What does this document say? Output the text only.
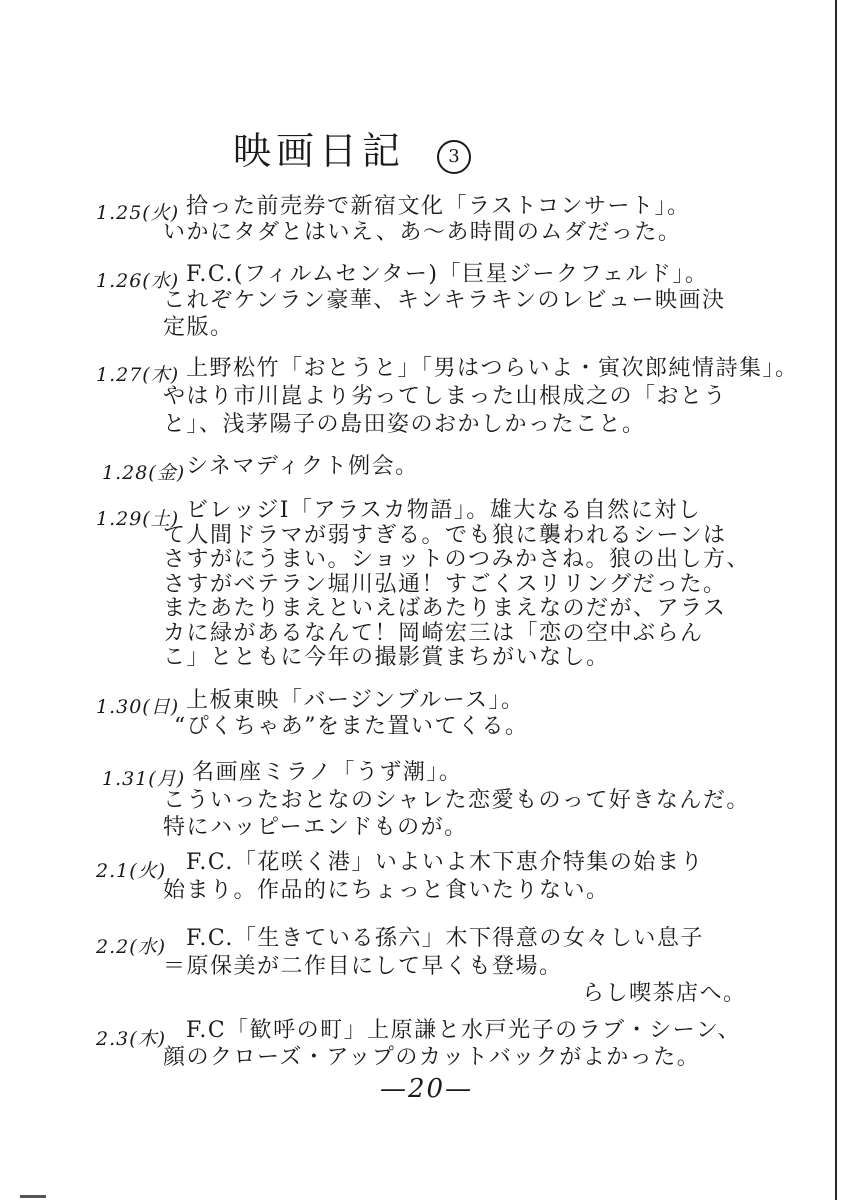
映画日記	3
1.25(火) 拾った前売券で新宿文化「ラストコンサート」。
いかにタダとはいえ、あ〜あ時間のムダだった。
1.26(水) F.C.(フィルムセンター)「巨星ジークフェルド」。
これぞケンラン豪華、キンキラキンのレビュー映画決
定版。
1.27(木) 上野松竹「おとうと」「男はつらいよ・寅次郎純情詩集」。
やはり市川崑より劣ってしまった山根成之の「おとう
と」、浅茅陽子の島田姿のおかしかったこと。
1.28(金) シネマディクト例会。
1.29(土) ビレッジⅠ「アラスカ物語」。雄大なる自然に対し
て人間ドラマが弱すぎる。でも狼に襲われるシーンは
さすがにうまい。ショットのつみかさね。狼の出し方、
さすがベテラン堀川弘通！すごくスリリングだった。
またあたりまえといえばあたりまえなのだが、アラス
カに緑があるなんて！岡崎宏三は「恋の空中ぶらん
こ」とともに今年の撮影賞まちがいなし。
1.30(日) 上板東映「バージンブルース」。
“ぴくちゃあ”をまた置いてくる。
1.31(月) 名画座ミラノ「うず潮」。
こういったおとなのシャレた恋愛ものって好きなんだ。
特にハッピーエンドものが。
2.1(火) F.C.「花咲く港」いよいよ木下恵介特集の始まり
始まり。作品的にちょっと食いたりない。
2.2(水) F.C.「生きている孫六」木下得意の女々しい息子
＝原保美が二作目にして早くも登場。
らし喫茶店へ。
2.3(木) F.C「歓呼の町」上原謙と水戸光子のラブ・シーン、
顔のクローズ・アップのカットバックがよかった。
—20—
